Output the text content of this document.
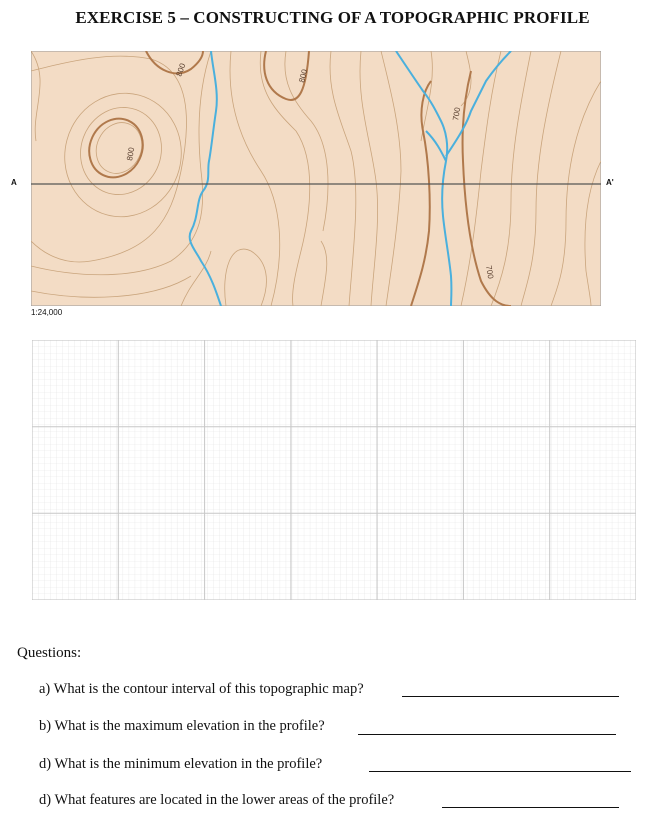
EXERCISE 5 – CONSTRUCTING OF A TOPOGRAPHIC PROFILE
800	800
800
700
700
A	A'
1:24,000
Questions:
a) What is the contour interval of this topographic map?
b) What is the maximum elevation in the profile?
d) What is the minimum elevation in the profile?
d) What features are located in the lower areas of the profile?
